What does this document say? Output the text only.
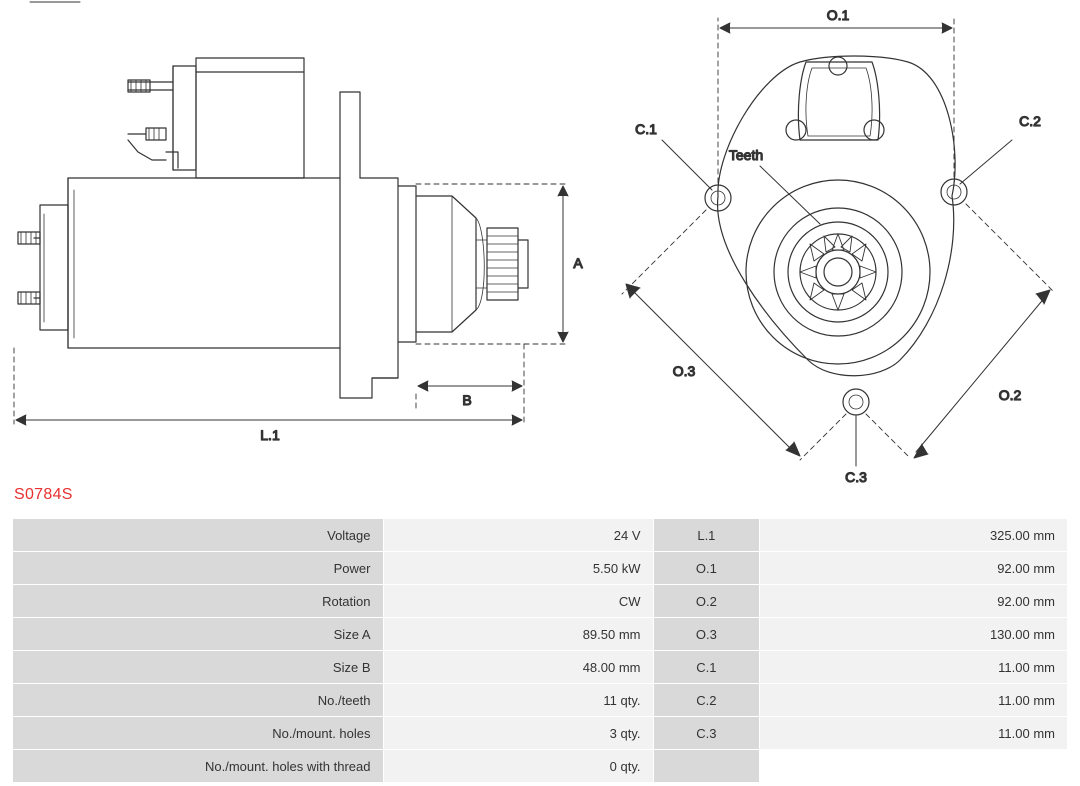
A
B
L.1
O.1
O.3
O.2
C.1	C.2
C.3
Teeth
S0784S
Voltage	24 V	L.1	325.00 mm
Power	5.50 kW	O.1	92.00 mm
Rotation	CW	O.2	92.00 mm
Size A	89.50 mm	O.3	130.00 mm
Size B	48.00 mm	C.1	11.00 mm
No./teeth	11 qty.	C.2	11.00 mm
No./mount. holes	3 qty.	C.3	11.00 mm
No./mount. holes with thread	0 qty.		
